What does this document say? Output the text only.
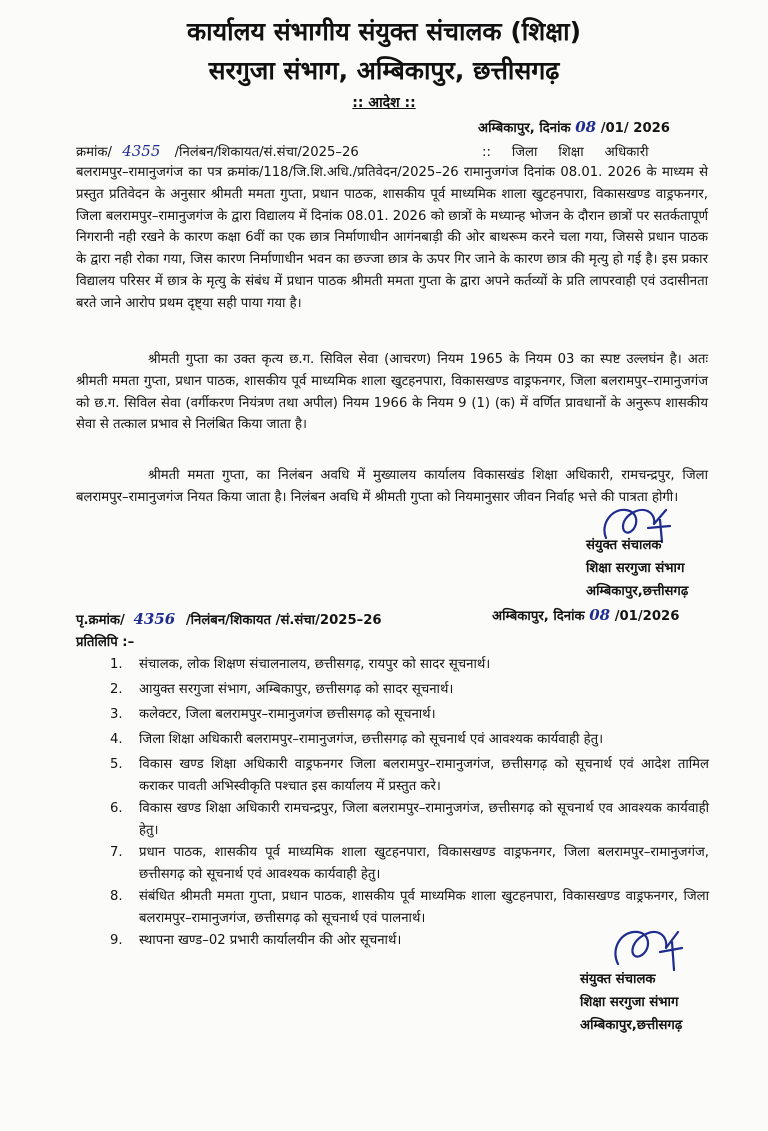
कार्यालय संभागीय संयुक्त संचालक (शिक्षा)
सरगुजा संभाग, अम्बिकापुर, छत्तीसगढ़
:: आदेश ::
अम्बिकापुर, दिनांक 08 /01/ 2026
क्रमांक/ 4355 /निलंबन/शिकायत/सं.संचा/2025–26	::     जिला     शिक्षा     अधिकारी
बलरामपुर–रामानुजगंज का पत्र क्रमांक/118/जि.शि.अधि./प्रतिवेदन/2025–26 रामानुजगंज दिनांक 08.01. 2026 के माध्यम से प्रस्तुत प्रतिवेदन के अनुसार श्रीमती ममता गुप्ता, प्रधान पाठक, शासकीय पूर्व माध्यमिक शाला खुटहनपारा, विकासखण्ड वाड्रफनगर, जिला बलरामपुर–रामानुजगंज के द्वारा विद्यालय में दिनांक 08.01. 2026 को छात्रों के मध्यान्ह भोजन के दौरान छात्रों पर सतर्कतापूर्ण निगरानी नही रखने के कारण कक्षा 6वीं का एक छात्र निर्माणाधीन आगंनबाड़ी की ओर बाथरूम करने चला गया, जिससे प्रधान पाठक के द्वारा नही रोका गया, जिस कारण निर्माणाधीन भवन का छज्जा छात्र के ऊपर गिर जाने के कारण छात्र की मृत्यु हो गई है। इस प्रकार विद्यालय परिसर में छात्र के मृत्यु के संबंध में प्रधान पाठक श्रीमती ममता गुप्ता के द्वारा अपने कर्तव्यों के प्रति लापरवाही एवं उदासीनता बरते जाने आरोप प्रथम दृष्ट्या सही पाया गया है।
श्रीमती गुप्ता का उक्त कृत्य छ.ग. सिविल सेवा (आचरण) नियम 1965 के नियम 03 का स्पष्ट उल्लघंन है। अतः श्रीमती ममता गुप्ता, प्रधान पाठक, शासकीय पूर्व माध्यमिक शाला खुटहनपारा, विकासखण्ड वाड्रफनगर, जिला बलरामपुर–रामानुजगंज को छ.ग. सिविल सेवा (वर्गीकरण नियंत्रण तथा अपील) नियम 1966 के नियम 9 (1) (क) में वर्णित प्रावधानों के अनुरूप शासकीय सेवा से तत्काल प्रभाव से निलंबित किया जाता है।
श्रीमती ममता गुप्ता, का निलंबन अवधि में मुख्यालय कार्यालय विकासखंड शिक्षा अधिकारी, रामचन्द्रपुर, जिला बलरामपुर–रामानुजगंज नियत किया जाता है। निलंबन अवधि में श्रीमती गुप्ता को नियमानुसार जीवन निर्वाह भत्ते की पात्रता होगी।
संयुक्त संचालक
शिक्षा सरगुजा संभाग
अम्बिकापुर,छत्तीसगढ़
पृ.क्रमांक/ 4356 /निलंबन/शिकायत /सं.संचा/2025–26	अम्बिकापुर, दिनांक 08 /01/2026
प्रतिलिपि :–
1.	संचालक, लोक शिक्षण संचालनालय, छत्तीसगढ़, रायपुर को सादर सूचनार्थ।
2.	आयुक्त सरगुजा संभाग, अम्बिकापुर, छत्तीसगढ़ को सादर सूचनार्थ।
3.	कलेक्टर, जिला बलरामपुर–रामानुजगंज छत्तीसगढ़ को सूचनार्थ।
4.	जिला शिक्षा अधिकारी बलरामपुर–रामानुजगंज, छत्तीसगढ़ को सूचनार्थ एवं आवश्यक कार्यवाही हेतु।
5.	विकास खण्ड शिक्षा अधिकारी वाड्रफनगर जिला बलरामपुर–रामानुजगंज, छत्तीसगढ़ को सूचनार्थ एवं आदेश तामिल कराकर पावती अभिस्वीकृति पश्चात इस कार्यालय में प्रस्तुत करे।
6.	विकास खण्ड शिक्षा अधिकारी रामचन्द्रपुर, जिला बलरामपुर–रामानुजगंज, छत्तीसगढ़ को सूचनार्थ एव आवश्यक कार्यवाही हेतु।
7.	प्रधान पाठक, शासकीय पूर्व माध्यमिक शाला खुटहनपारा, विकासखण्ड वाड्रफनगर, जिला बलरामपुर–रामानुजगंज, छत्तीसगढ़ को सूचनार्थ एवं आवश्यक कार्यवाही हेतु।
8.	संबंधित श्रीमती ममता गुप्ता, प्रधान पाठक, शासकीय पूर्व माध्यमिक शाला खुटहनपारा, विकासखण्ड वाड्रफनगर, जिला बलरामपुर–रामानुजगंज, छत्तीसगढ़ को सूचनार्थ एवं पालनार्थ।
9.	स्थापना खण्ड–02 प्रभारी कार्यालयीन की ओर सूचनार्थ।
संयुक्त संचालक
शिक्षा सरगुजा संभाग
अम्बिकापुर,छत्तीसगढ़
